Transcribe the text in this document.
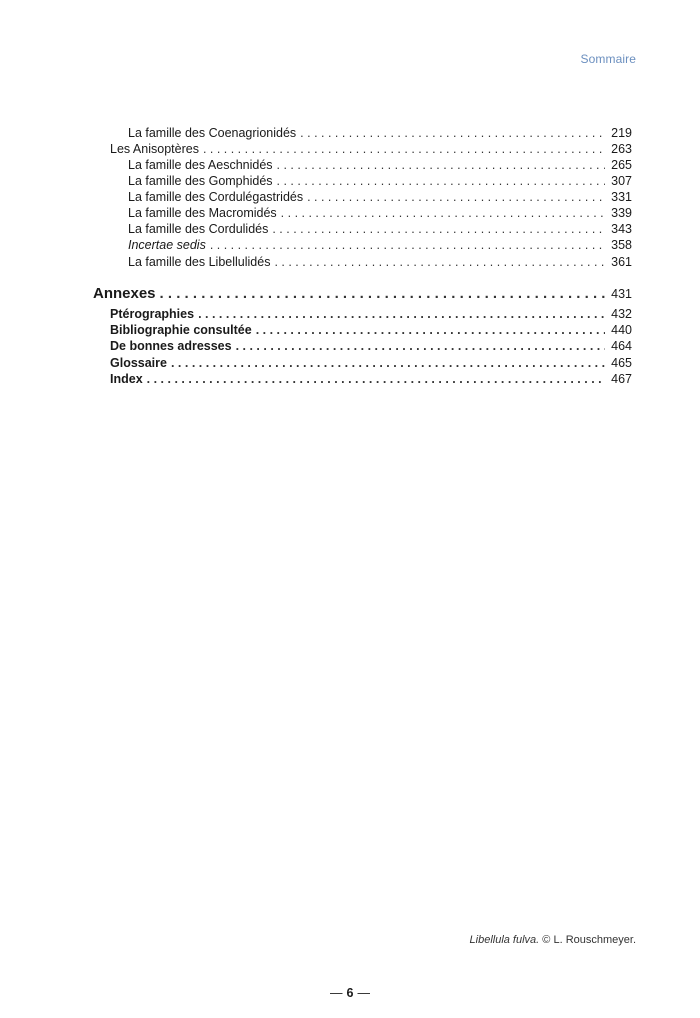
Sommaire
La famille des Coenagrionidés . . .	219
Les Anisoptères . . .	263
La famille des Aeschnidés . . .	265
La famille des Gomphidés . . .	307
La famille des Cordulégastridés . . .	331
La famille des Macromidés . . .	339
La famille des Cordulidés . . .	343
Incertae sedis . . .	358
La famille des Libellulidés . . .	361
Annexes . . .	431
Ptérographies . . .	432
Bibliographie consultée . . .	440
De bonnes adresses . . .	464
Glossaire . . .	465
Index . . .	467
Libellula fulva. © L. Rouschmeyer.
— 6 —
